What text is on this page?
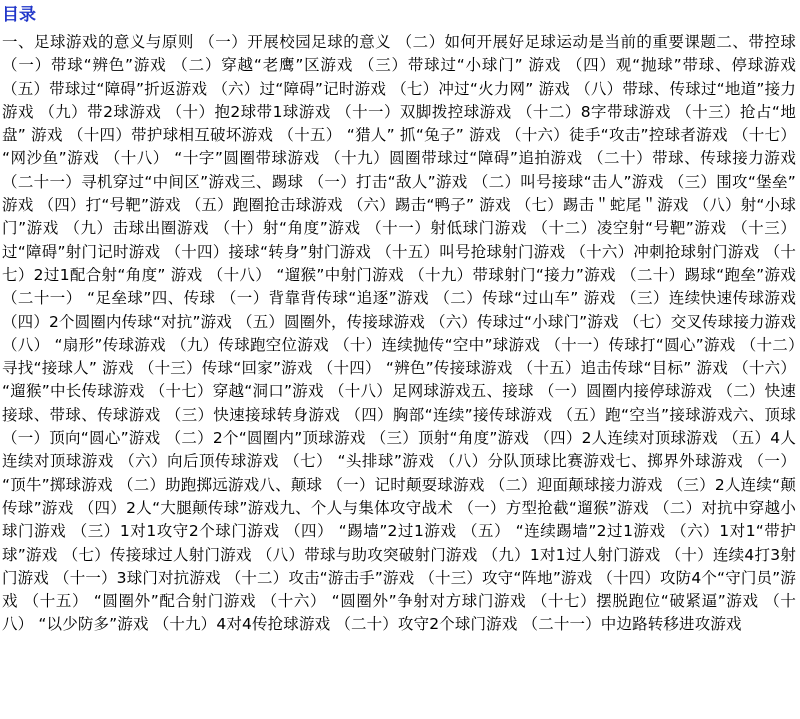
目录

一、足球游戏的意义与原则 （一）开展校园足球的意义 （二）如何开展好足球运动是当前的重要课题二、带控球 （一）带球“辨色”游戏 （二）穿越“老鹰”区游戏 （三）带球过“小球门” 游戏 （四）观“抛球”带球、停球游戏 （五）带球过“障碍”折返游戏 （六）过“障碍”记时游戏 （七）冲过“火力网” 游戏 （八）带球、传球过“地道”接力游戏 （九）带2球游戏 （十）抱2球带1球游戏 （十一）双脚拨控球游戏 （十二）8字带球游戏 （十三）抢占“地盘” 游戏 （十四）带护球相互破坏游戏 （十五） “猎人” 抓“兔子” 游戏 （十六）徒手“攻击”控球者游戏 （十七） “网沙鱼”游戏 （十八） “十字”圆圈带球游戏 （十九）圆圈带球过“障碍”追拍游戏 （二十）带球、传球接力游戏 （二十一）寻机穿过“中间区”游戏三、踢球 （一）打击“敌人”游戏 （二）叫号接球“击人”游戏 （三）围攻“堡垒” 游戏 （四）打“号靶”游戏 （五）跑圈抢击球游戏 （六）踢击“鸭子” 游戏 （七）踢击＂蛇尾＂游戏 （八）射“小球门”游戏 （九）击球出圈游戏 （十）射“角度”游戏 （十一）射低球门游戏 （十二）凌空射“号靶”游戏 （十三）过“障碍”射门记时游戏 （十四）接球“转身”射门游戏 （十五）叫号抢球射门游戏 （十六）冲刺抢球射门游戏 （十七）2过1配合射“角度” 游戏 （十八） “遛猴”中射门游戏 （十九）带球射门“接力”游戏 （二十）踢球“跑垒”游戏 （二十一） “足垒球”四、传球 （一）背靠背传球“追逐”游戏 （二）传球“过山车” 游戏 （三）连续快速传球游戏 （四）2个圆圈内传球“对抗”游戏 （五）圆圈外，传接球游戏 （六）传球过“小球门”游戏 （七）交叉传球接力游戏 （八） “扇形”传球游戏 （九）传球跑空位游戏 （十）连续抛传“空中”球游戏 （十一）传球打“圆心”游戏 （十二）寻找“接球人” 游戏 （十三）传球“回家”游戏 （十四） “辨色”传接球游戏 （十五）追击传球“目标” 游戏 （十六） “遛猴”中长传球游戏 （十七）穿越“洞口”游戏 （十八）足网球游戏五、接球 （一）圆圈内接停球游戏 （二）快速接球、带球、传球游戏 （三）快速接球转身游戏 （四）胸部“连续”接传球游戏 （五）跑“空当”接球游戏六、顶球 （一）顶向“圆心”游戏 （二）2个“圆圈内”顶球游戏 （三）顶射“角度”游戏 （四）2人连续对顶球游戏 （五）4人连续对顶球游戏 （六）向后顶传球游戏 （七） “头排球”游戏 （八）分队顶球比赛游戏七、掷界外球游戏 （一） “顶牛”掷球游戏 （二）助跑掷远游戏八、颠球 （一）记时颠耍球游戏 （二）迎面颠球接力游戏 （三）2人连续“颠传球”游戏 （四）2人“大腿颠传球”游戏九、个人与集体攻守战术 （一）方型抢截“遛猴”游戏 （二）对抗中穿越小球门游戏 （三）1对1攻守2个球门游戏 （四） “踢墙”2过1游戏 （五） “连续踢墙”2过1游戏 （六）1对1“带护球”游戏 （七）传接球过人射门游戏 （八）带球与助攻突破射门游戏 （九）1对1过人射门游戏 （十）连续4打3射门游戏 （十一）3球门对抗游戏 （十二）攻击“游击手”游戏 （十三）攻守“阵地”游戏 （十四）攻防4个“守门员”游戏 （十五） “圆圈外”配合射门游戏 （十六） “圆圈外”争射对方球门游戏 （十七）摆脱跑位“破紧逼”游戏 （十八） “以少防多”游戏 （十九）4对4传抢球游戏 （二十）攻守2个球门游戏 （二十一）中边路转移进攻游戏
